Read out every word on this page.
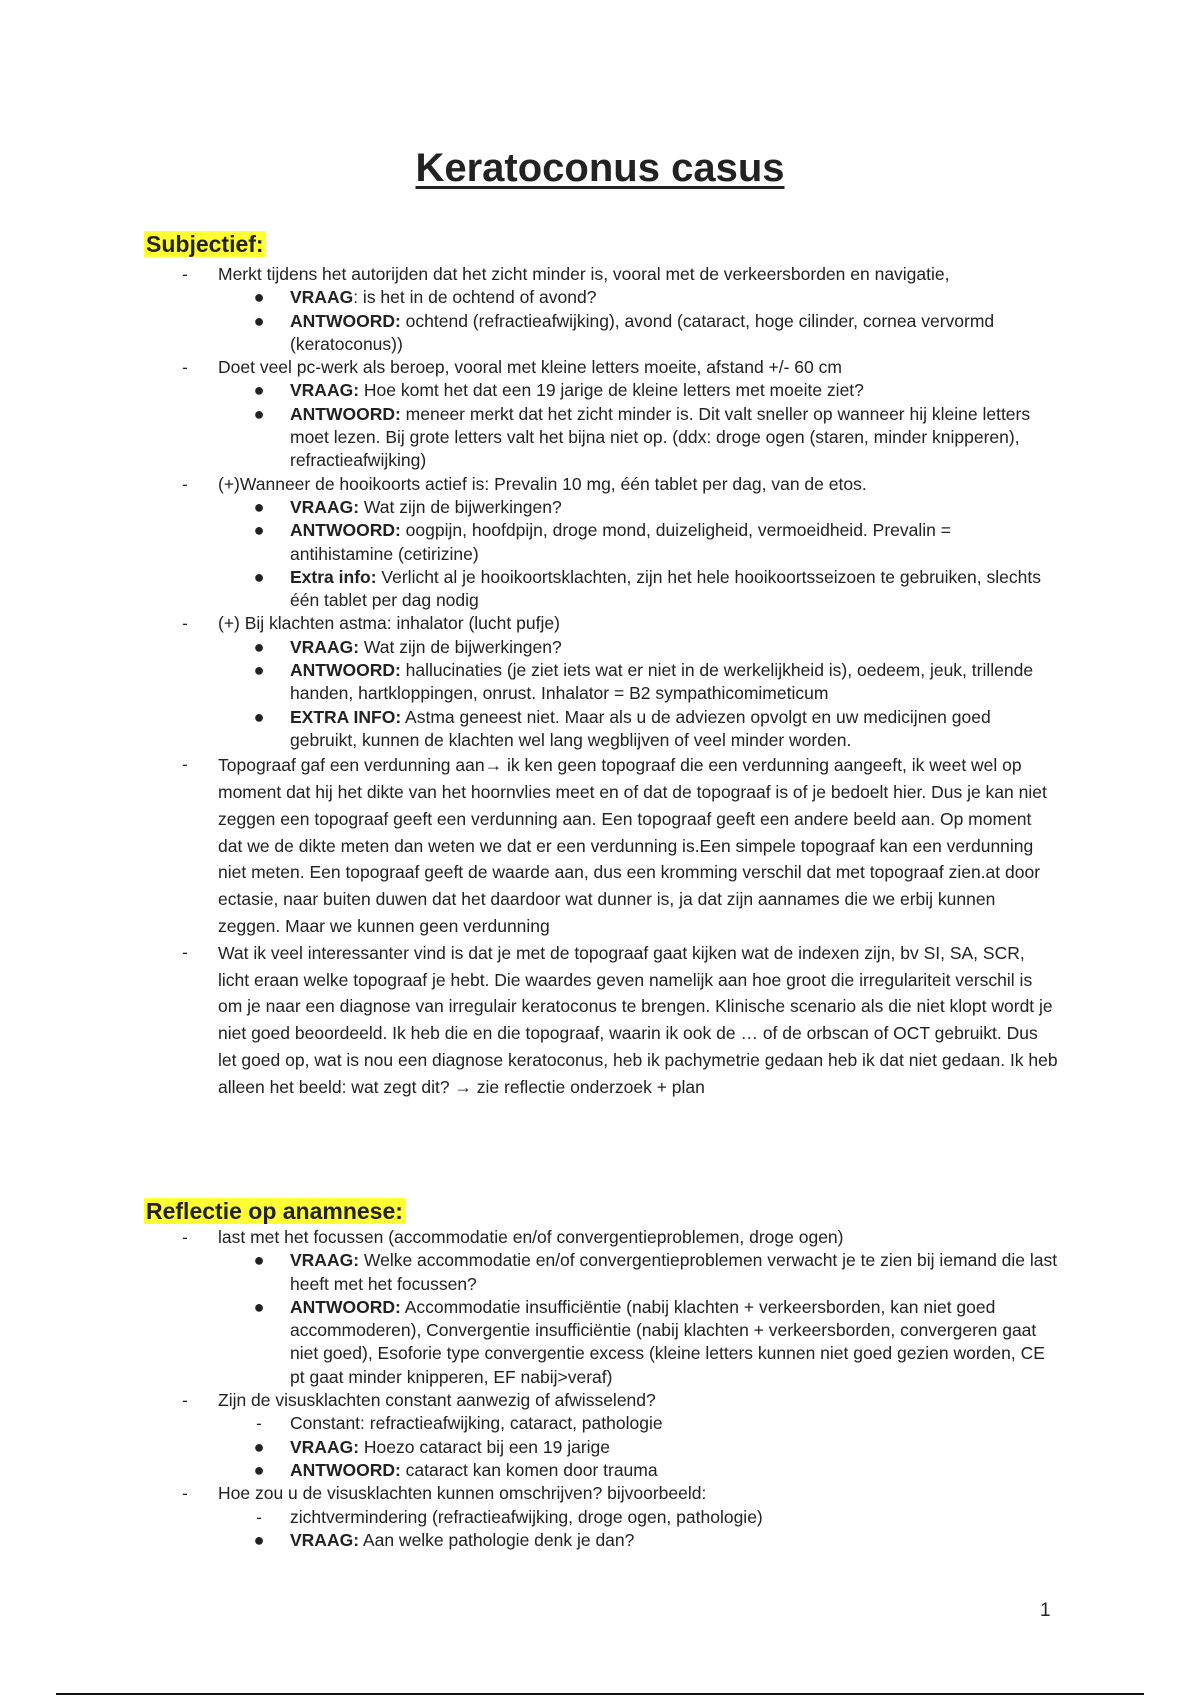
Keratoconus casus
Subjectief:
-	Merkt tijdens het autorijden dat het zicht minder is, vooral met de verkeersborden en navigatie,
●	VRAAG: is het in de ochtend of avond?
●	ANTWOORD: ochtend (refractieafwijking), avond (cataract, hoge cilinder, cornea vervormd (keratoconus))
-	Doet veel pc-werk als beroep, vooral met kleine letters moeite, afstand +/- 60 cm
●	VRAAG: Hoe komt het dat een 19 jarige de kleine letters met moeite ziet?
●	ANTWOORD: meneer merkt dat het zicht minder is. Dit valt sneller op wanneer hij kleine letters moet lezen. Bij grote letters valt het bijna niet op. (ddx: droge ogen (staren, minder knipperen), refractieafwijking)
-	(+)Wanneer de hooikoorts actief is: Prevalin 10 mg, één tablet per dag, van de etos.
●	VRAAG: Wat zijn de bijwerkingen?
●	ANTWOORD: oogpijn, hoofdpijn, droge mond, duizeligheid, vermoeidheid. Prevalin = antihistamine (cetirizine)
●	Extra info: Verlicht al je hooikoortsklachten, zijn het hele hooikoortsseizoen te gebruiken, slechts één tablet per dag nodig
-	(+) Bij klachten astma: inhalator (lucht pufje)
●	VRAAG: Wat zijn de bijwerkingen?
●	ANTWOORD: hallucinaties (je ziet iets wat er niet in de werkelijkheid is), oedeem, jeuk, trillende handen, hartkloppingen, onrust. Inhalator = B2 sympathicomimeticum
●	EXTRA INFO: Astma geneest niet. Maar als u de adviezen opvolgt en uw medicijnen goed gebruikt, kunnen de klachten wel lang wegblijven of veel minder worden.
-	Topograaf gaf een verdunning aan→ ik ken geen topograaf die een verdunning aangeeft, ik weet wel op moment dat hij het dikte van het hoornvlies meet en of dat de topograaf is of je bedoelt hier. Dus je kan niet zeggen een topograaf geeft een verdunning aan. Een topograaf geeft een andere beeld aan. Op moment dat we de dikte meten dan weten we dat er een verdunning is.Een simpele topograaf kan een verdunning niet meten. Een topograaf geeft de waarde aan, dus een kromming verschil dat met topograaf zien.at door ectasie, naar buiten duwen dat het daardoor wat dunner is, ja dat zijn aannames die we erbij kunnen zeggen. Maar we kunnen geen verdunning
-	Wat ik veel interessanter vind is dat je met de topograaf gaat kijken wat de indexen zijn, bv SI, SA, SCR, licht eraan welke topograaf je hebt. Die waardes geven namelijk aan hoe groot die irregulariteit verschil is om je naar een diagnose van irregulair keratoconus te brengen. Klinische scenario als die niet klopt wordt je niet goed beoordeeld. Ik heb die en die topograaf, waarin ik ook de … of de orbscan of OCT gebruikt. Dus let goed op, wat is nou een diagnose keratoconus, heb ik pachymetrie gedaan heb ik dat niet gedaan. Ik heb alleen het beeld: wat zegt dit? → zie reflectie onderzoek + plan
Reflectie op anamnese:
-	last met het focussen (accommodatie en/of convergentieproblemen, droge ogen)
●	VRAAG: Welke accommodatie en/of convergentieproblemen verwacht je te zien bij iemand die last heeft met het focussen?
●	ANTWOORD: Accommodatie insufficiëntie (nabij klachten + verkeersborden, kan niet goed accommoderen), Convergentie insufficiëntie (nabij klachten + verkeersborden, convergeren gaat niet goed), Esoforie type convergentie excess (kleine letters kunnen niet goed gezien worden, CE pt gaat minder knipperen, EF nabij>veraf)
-	Zijn de visusklachten constant aanwezig of afwisselend?
-	Constant: refractieafwijking, cataract, pathologie
●	VRAAG: Hoezo cataract bij een 19 jarige
●	ANTWOORD: cataract kan komen door trauma
-	Hoe zou u de visusklachten kunnen omschrijven? bijvoorbeeld:
-	zichtvermindering (refractieafwijking, droge ogen, pathologie)
●	VRAAG: Aan welke pathologie denk je dan?

1
